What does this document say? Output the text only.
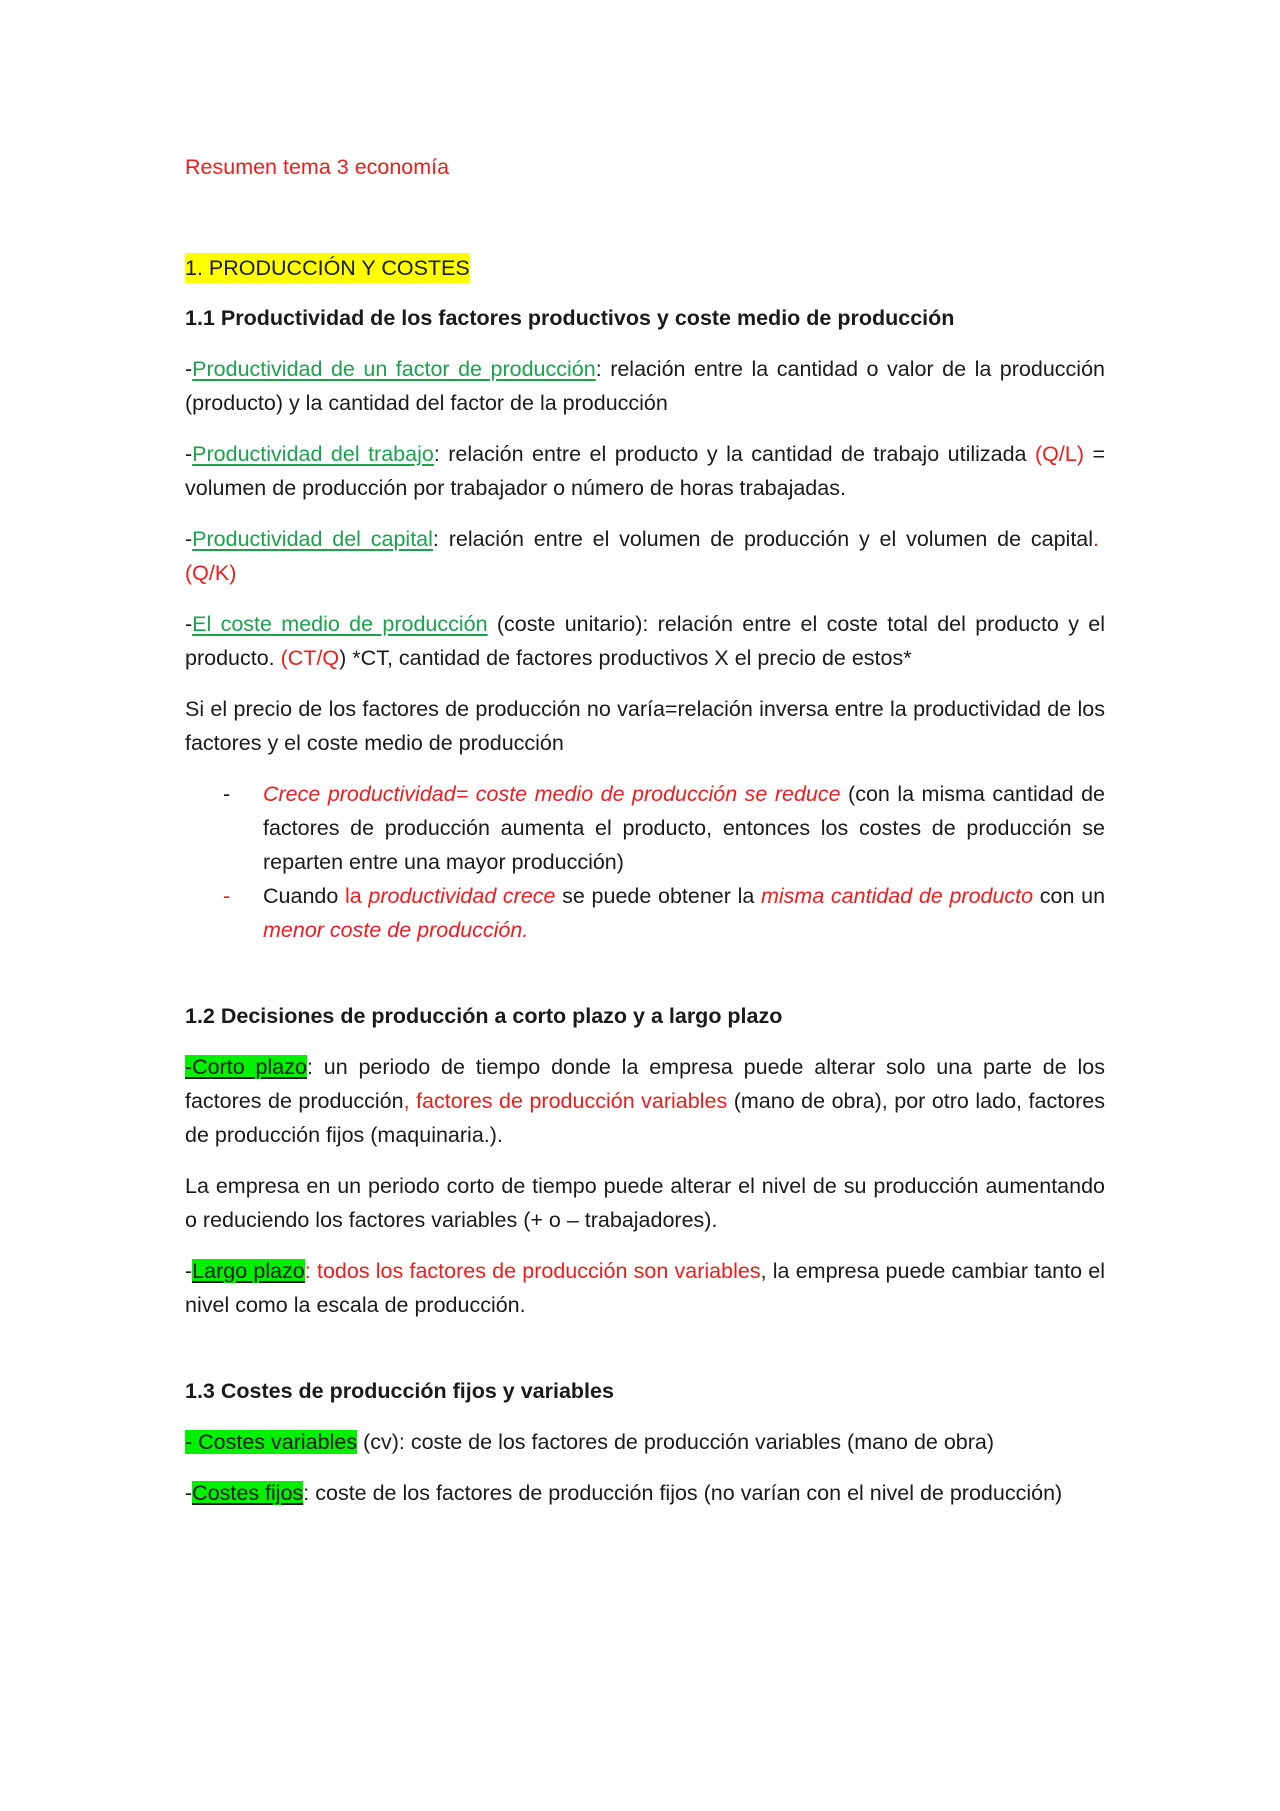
Resumen tema 3 economía

1. PRODUCCIÓN Y COSTES

1.1 Productividad de los factores productivos y coste medio de producción

-Productividad de un factor de producción: relación entre la cantidad o valor de la producción (producto) y la cantidad del factor de la producción

-Productividad del trabajo: relación entre el producto y la cantidad de trabajo utilizada (Q/L) = volumen de producción por trabajador o número de horas trabajadas.

-Productividad del capital: relación entre el volumen de producción y el volumen de capital.  (Q/K)

-El coste medio de producción (coste unitario): relación entre el coste total del producto y el producto. (CT/Q) *CT, cantidad de factores productivos X el precio de estos*

Si el precio de los factores de producción no varía=relación inversa entre la productividad de los factores y el coste medio de producción

- Crece productividad= coste medio de producción se reduce (con la misma cantidad de factores de producción aumenta el producto, entonces los costes de producción se reparten entre una mayor producción)
- Cuando la productividad crece se puede obtener la misma cantidad de producto con un menor coste de producción.

1.2 Decisiones de producción a corto plazo y a largo plazo

-Corto plazo: un periodo de tiempo donde la empresa puede alterar solo una parte de los factores de producción, factores de producción variables (mano de obra), por otro lado, factores de producción fijos (maquinaria.).

La empresa en un periodo corto de tiempo puede alterar el nivel de su producción aumentando o reduciendo los factores variables (+ o – trabajadores).

-Largo plazo: todos los factores de producción son variables, la empresa puede cambiar tanto el nivel como la escala de producción.

1.3 Costes de producción fijos y variables

- Costes variables (cv): coste de los factores de producción variables (mano de obra)

-Costes fijos: coste de los factores de producción fijos (no varían con el nivel de producción)
